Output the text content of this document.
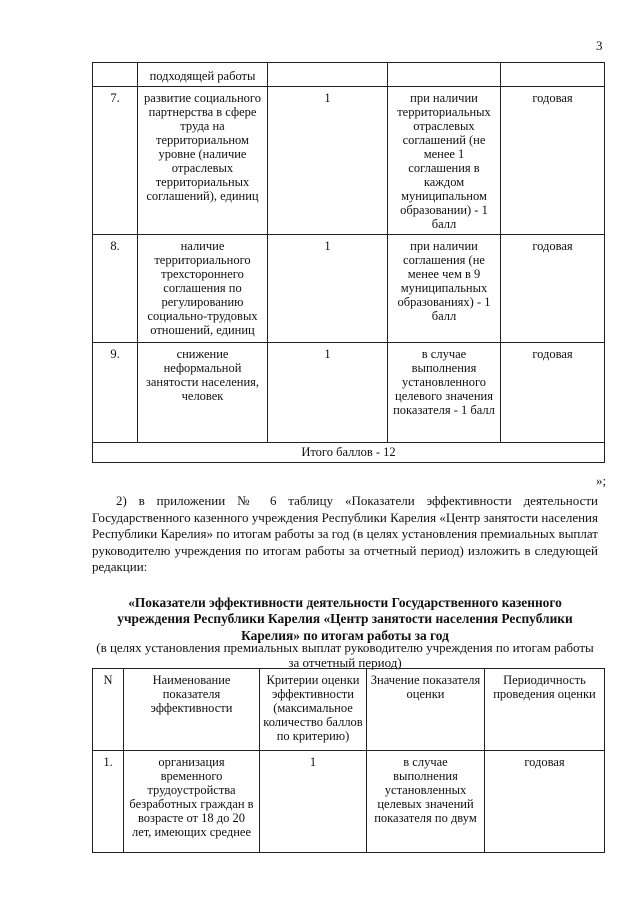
3
	подходящей работы			
7.	развитие социального партнерства в сфере труда на территориальном уровне (наличие отраслевых территориальных соглашений), единиц	1	при наличии территориальных отраслевых соглашений (не менее 1 соглашения в каждом муниципальном образовании) - 1 балл	годовая
8.	наличие территориального трехстороннего соглашения по регулированию социально-трудовых отношений, единиц	1	при наличии соглашения (не менее чем в 9 муниципальных образованиях) - 1 балл	годовая
9.	снижение неформальной занятости населения, человек	1	в случае выполнения установленного целевого значения показателя - 1 балл	годовая
Итого баллов - 12				
»;
2) в приложении № 6 таблицу «Показатели эффективности деятельности Государственного казенного учреждения Республики Карелия «Центр занятости населения Республики Карелия» по итогам работы за год (в целях установления премиальных выплат руководителю учреждения по итогам работы за отчетный период) изложить в следующей редакции:
«Показатели эффективности деятельности Государственного казенного учреждения Республики Карелия «Центр занятости населения Республики Карелия» по итогам работы за год
(в целях установления премиальных выплат руководителю учреждения по итогам работы за отчетный период)
N	Наименование показателя эффективности	Критерии оценки эффективности (максимальное количество баллов по критерию)	Значение показателя оценки	Периодичность проведения оценки
1.	организация временного трудоустройства безработных граждан в возрасте от 18 до 20 лет, имеющих среднее	1	в случае выполнения установленных целевых значений показателя по двум	годовая
